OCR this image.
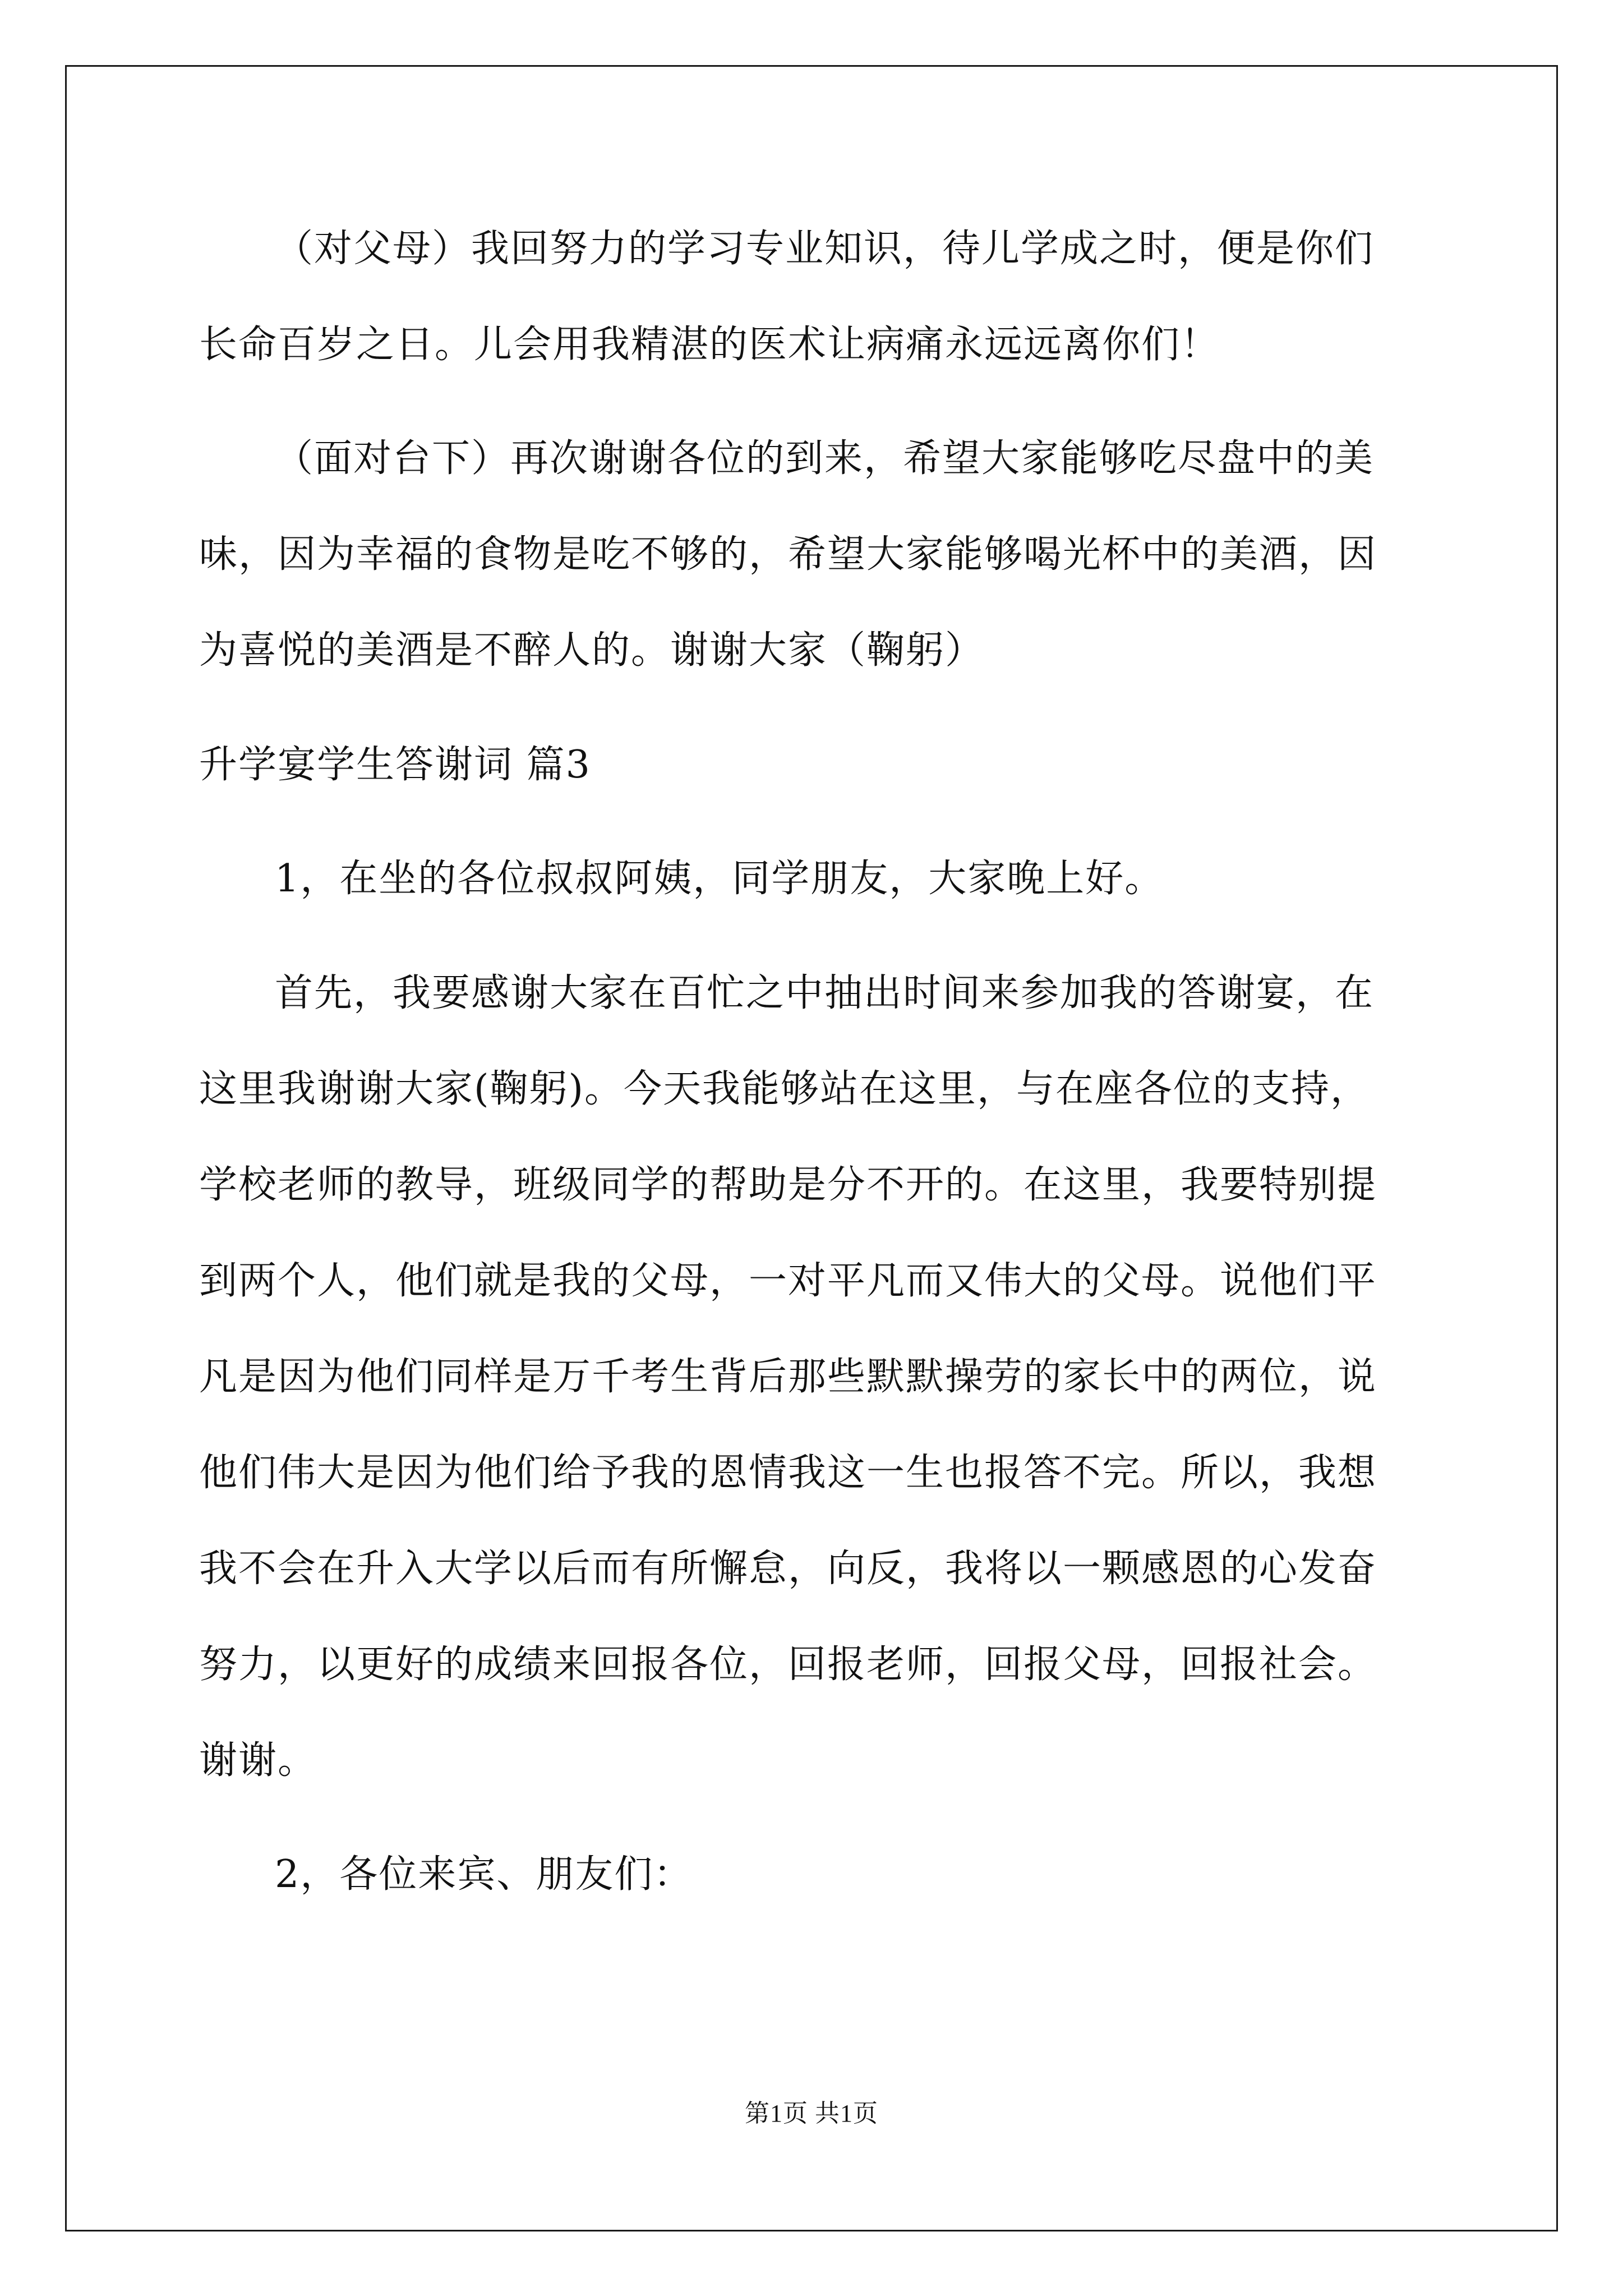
（对父母）我回努力的学习专业知识，待儿学成之时，便是你们
长命百岁之日。儿会用我精湛的医术让病痛永远远离你们！
（面对台下）再次谢谢各位的到来，希望大家能够吃尽盘中的美
味，因为幸福的食物是吃不够的，希望大家能够喝光杯中的美酒，因
为喜悦的美酒是不醉人的。谢谢大家（鞠躬）
升学宴学生答谢词 篇3
1，在坐的各位叔叔阿姨，同学朋友，大家晚上好。
首先，我要感谢大家在百忙之中抽出时间来参加我的答谢宴，在
这里我谢谢大家(鞠躬)。今天我能够站在这里，与在座各位的支持，
学校老师的教导，班级同学的帮助是分不开的。在这里，我要特别提
到两个人，他们就是我的父母，一对平凡而又伟大的父母。说他们平
凡是因为他们同样是万千考生背后那些默默操劳的家长中的两位，说
他们伟大是因为他们给予我的恩情我这一生也报答不完。所以，我想
我不会在升入大学以后而有所懈怠，向反，我将以一颗感恩的心发奋
努力，以更好的成绩来回报各位，回报老师，回报父母，回报社会。
谢谢。
2，各位来宾、朋友们：
第1页 共1页
